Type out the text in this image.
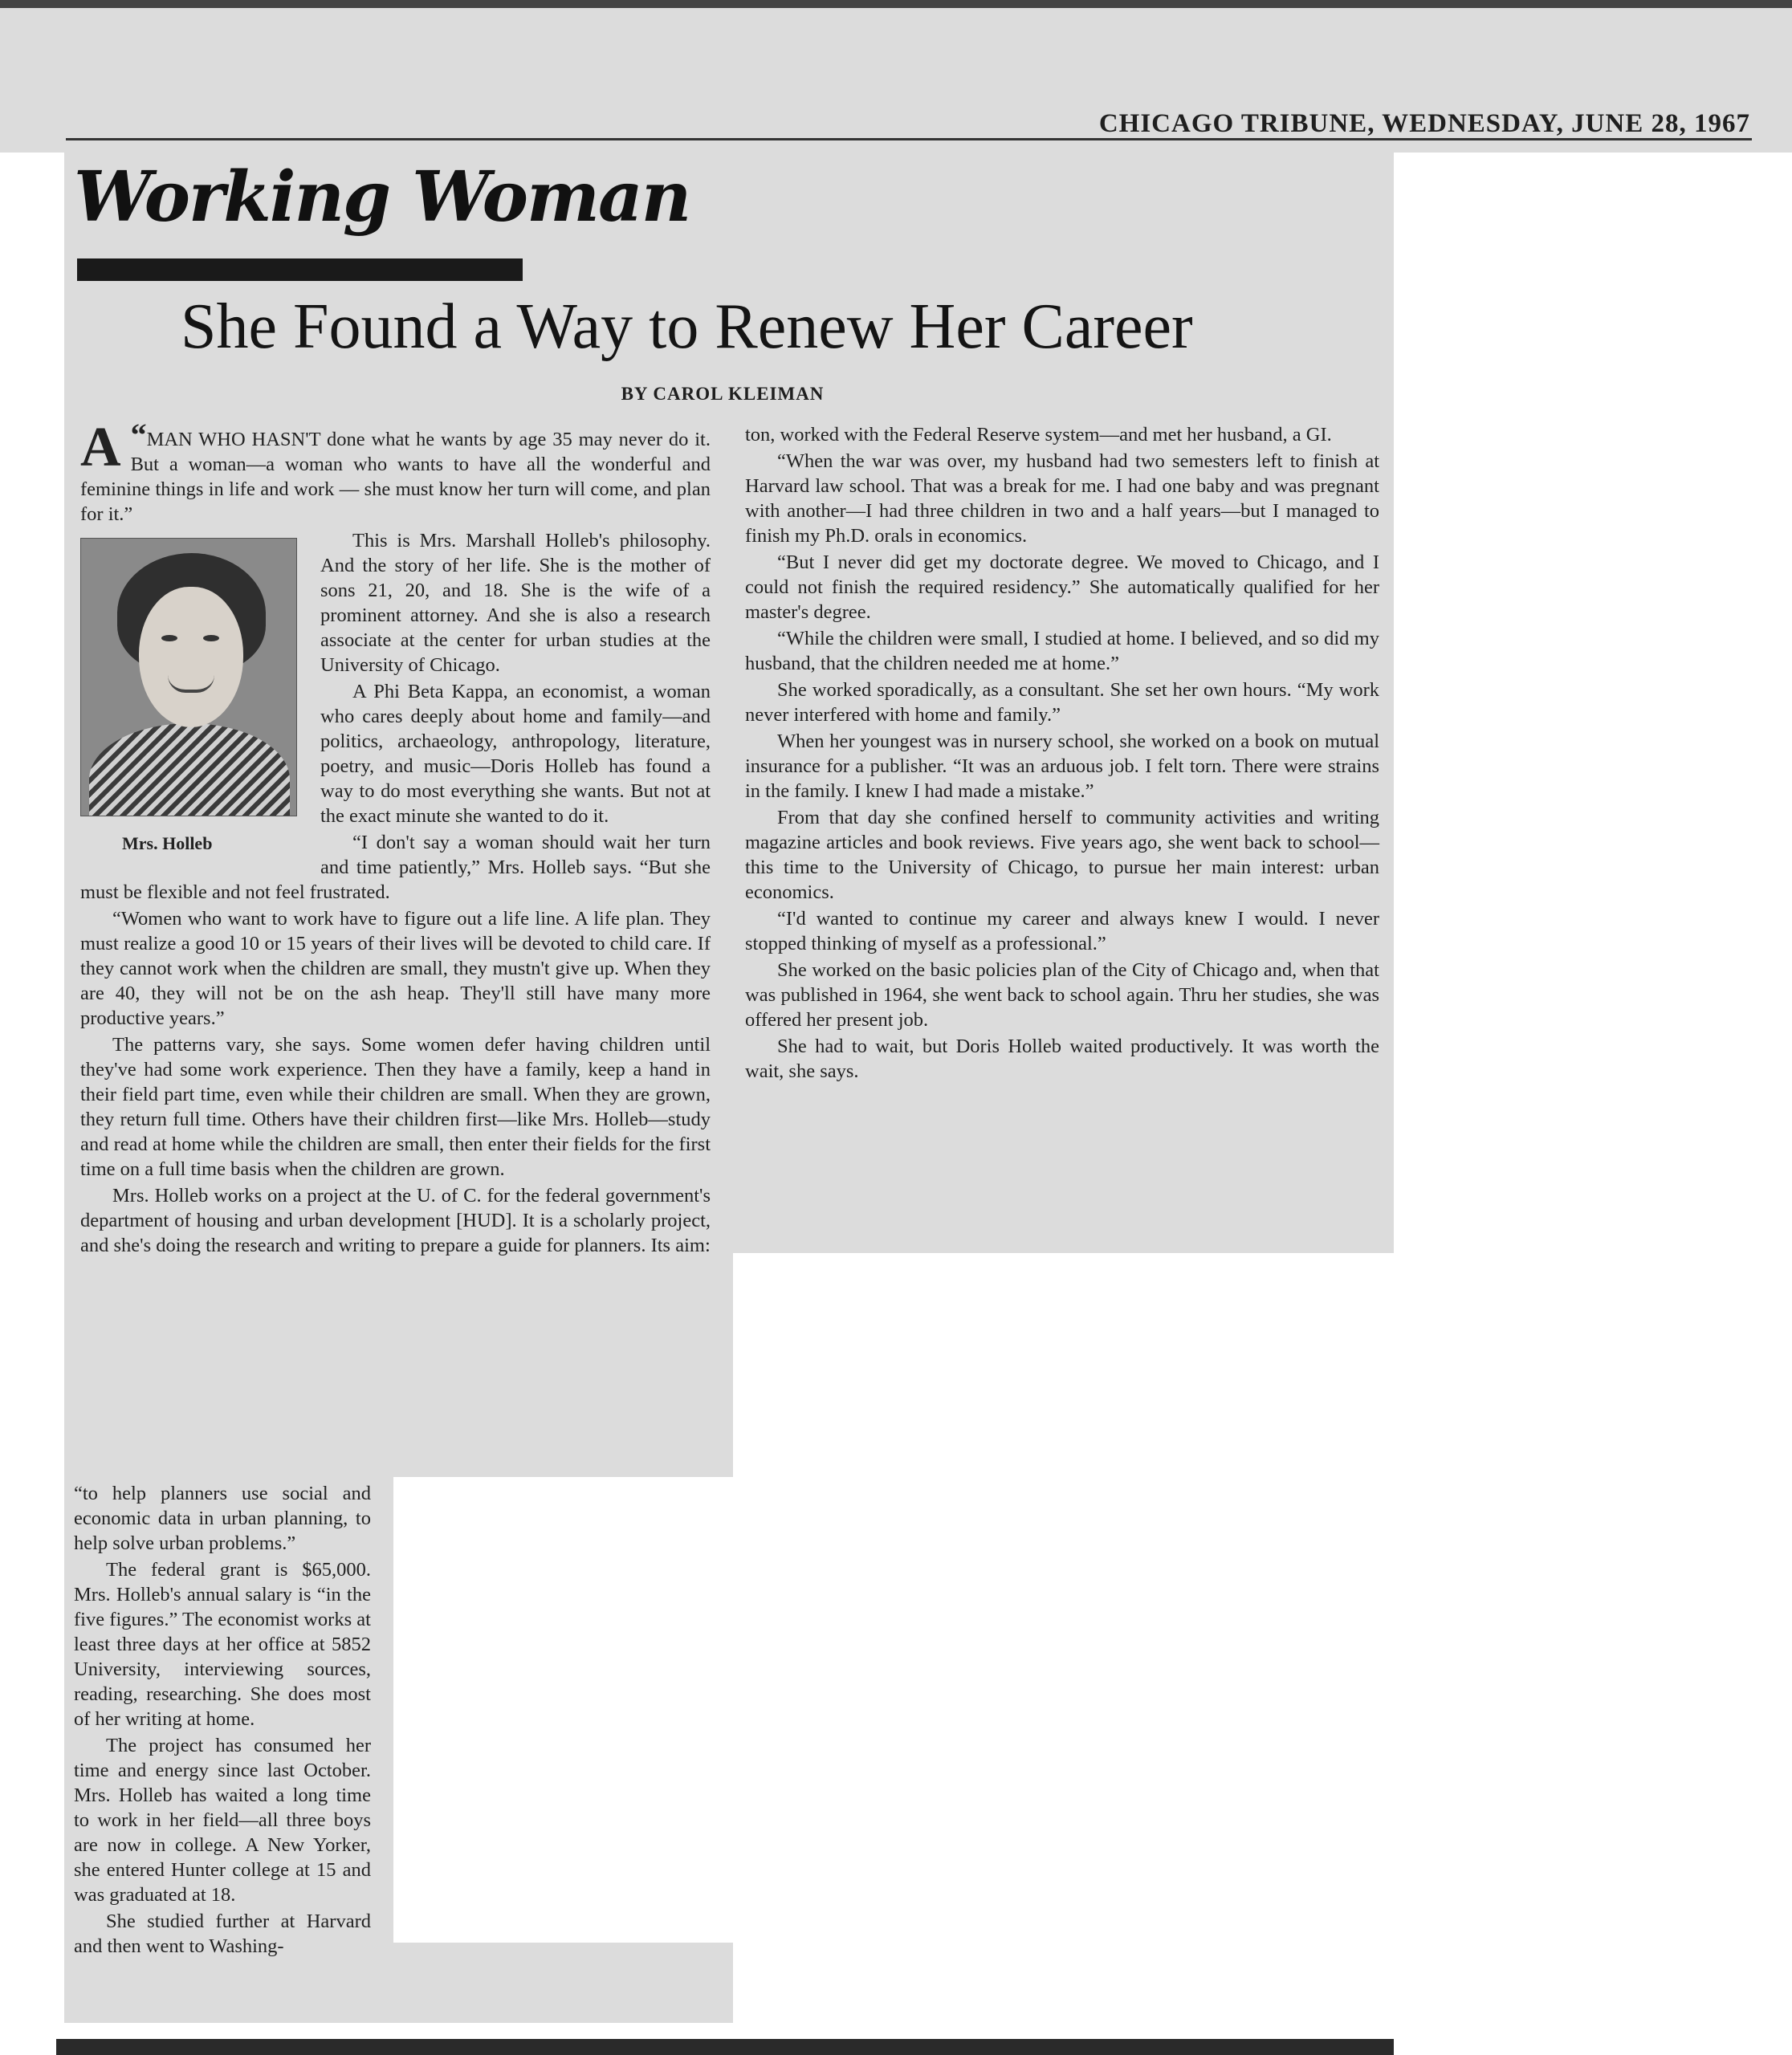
CHICAGO TRIBUNE, WEDNESDAY, JUNE 28, 1967
Working Woman
She Found a Way to Renew Her Career
BY CAROL KLEIMAN

“
A MAN WHO HASN'T done what he wants by age 35 may never do it. But a woman—a woman who wants to have all the wonderful and feminine things in life and work — she must know her turn will come, and plan for it.”

Mrs. Holleb

This is Mrs. Marshall Holleb's philosophy. And the story of her life. She is the mother of sons 21, 20, and 18. She is the wife of a prominent attorney. And she is also a research associate at the center for urban studies at the University of Chicago.

A Phi Beta Kappa, an economist, a woman who cares deeply about home and family—and politics, archaeology, anthropology, literature, poetry, and music—Doris Holleb has found a way to do most everything she wants. But not at the exact minute she wanted to do it.

“I don't say a woman should wait her turn and time patiently,” Mrs. Holleb says. “But she must be flexible and not feel frustrated.

“Women who want to work have to figure out a life line. A life plan. They must realize a good 10 or 15 years of their lives will be devoted to child care. If they cannot work when the children are small, they mustn't give up. When they are 40, they will not be on the ash heap. They'll still have many more productive years.”

The patterns vary, she says. Some women defer having children until they've had some work experience. Then they have a family, keep a hand in their field part time, even while their children are small. When they are grown, they return full time. Others have their children first—like Mrs. Holleb—study and read at home while the children are small, then enter their fields for the first time on a full time basis when the children are grown.

Mrs. Holleb works on a project at the U. of C. for the federal government's department of housing and urban development [HUD]. It is a scholarly project, and she's doing the research and writing to prepare a guide for planners. Its aim:

“to help planners use social and economic data in urban planning, to help solve urban problems.”

The federal grant is $65,000. Mrs. Holleb's annual salary is “in the five figures.” The economist works at least three days at her office at 5852 University, interviewing sources, reading, researching. She does most of her writing at home.

The project has consumed her time and energy since last October. Mrs. Holleb has waited a long time to work in her field—all three boys are now in college. A New Yorker, she entered Hunter college at 15 and was graduated at 18.

She studied further at Harvard and then went to Washing-

ton, worked with the Federal Reserve system—and met her husband, a GI.

“When the war was over, my husband had two semesters left to finish at Harvard law school. That was a break for me. I had one baby and was pregnant with another—I had three children in two and a half years—but I managed to finish my Ph.D. orals in economics.

“But I never did get my doctorate degree. We moved to Chicago, and I could not finish the required residency.” She automatically qualified for her master's degree.

“While the children were small, I studied at home. I believed, and so did my husband, that the children needed me at home.”

She worked sporadically, as a consultant. She set her own hours. “My work never interfered with home and family.”

When her youngest was in nursery school, she worked on a book on mutual insurance for a publisher. “It was an arduous job. I felt torn. There were strains in the family. I knew I had made a mistake.”

From that day she confined herself to community activities and writing magazine articles and book reviews. Five years ago, she went back to school—this time to the University of Chicago, to pursue her main interest: urban economics.

“I'd wanted to continue my career and always knew I would. I never stopped thinking of myself as a professional.”

She worked on the basic policies plan of the City of Chicago and, when that was published in 1964, she went back to school again. Thru her studies, she was offered her present job.

She had to wait, but Doris Holleb waited productively. It was worth the wait, she says.
